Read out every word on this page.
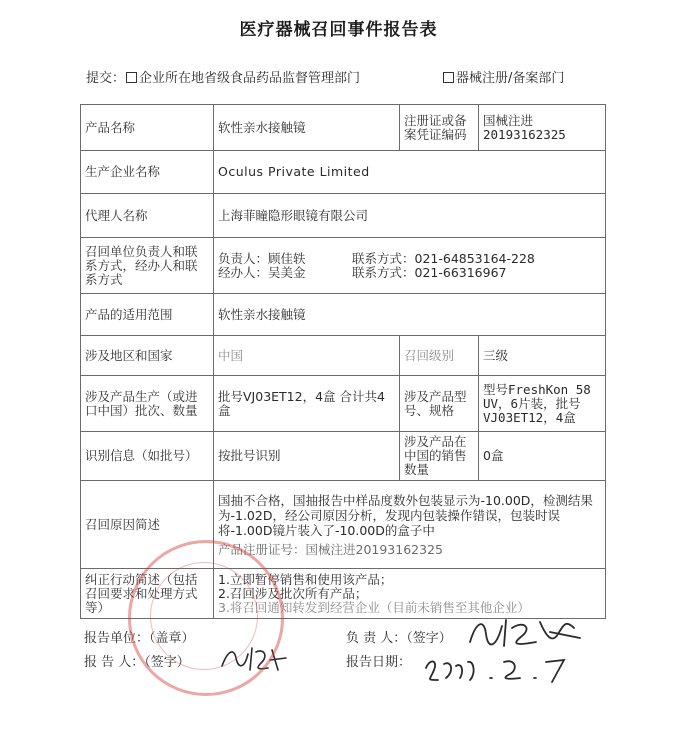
医疗器械召回事件报告表
提交： 企业所在地省级食品药品监督管理部门	器械注册/备案部门
产品名称	软性亲水接触镜	注册证或备案凭证编码	国械注进20193162325
生产企业名称	Oculus Private Limited		
代理人名称	上海菲瞳隐形眼镜有限公司		
召回单位负责人和联系方式，经办人和联系方式	负责人：顾佳轶 联系方式：021-64853164-228
经办人：吴美金 联系方式：021-66316967		

产品的适用范围	软性亲水接触镜		
涉及地区和国家	中国	召回级别	三级
涉及产品生产（或进口中国）批次、数量	批号VJ03ET12，4盒 合计共4盒	涉及产品型号、规格	型号FreshKon 58 UV，6片装，批号VJ03ET12，4盒
识别信息（如批号）	按批号识别	涉及产品在中国的销售数量	0盒
召回原因简述	国抽不合格，国抽报告中样品度数外包装显示为-10.00D，检测结果为-1.02D，经公司原因分析，发现内包装操作错误，包装时误将-1.00D镜片装入了-10.00D的盒子中

产品注册证号：国械注进20193162325		

纠正行动简述（包括召回要求和处理方式等）	1.立即暂停销售和使用该产品；

2.召回涉及批次所有产品；

3.将召回通知转发到经营企业（目前未销售至其他企业）		

报告单位：（盖章）
报 告 人：（签字）
负 责 人：（签字）
报告日期：
